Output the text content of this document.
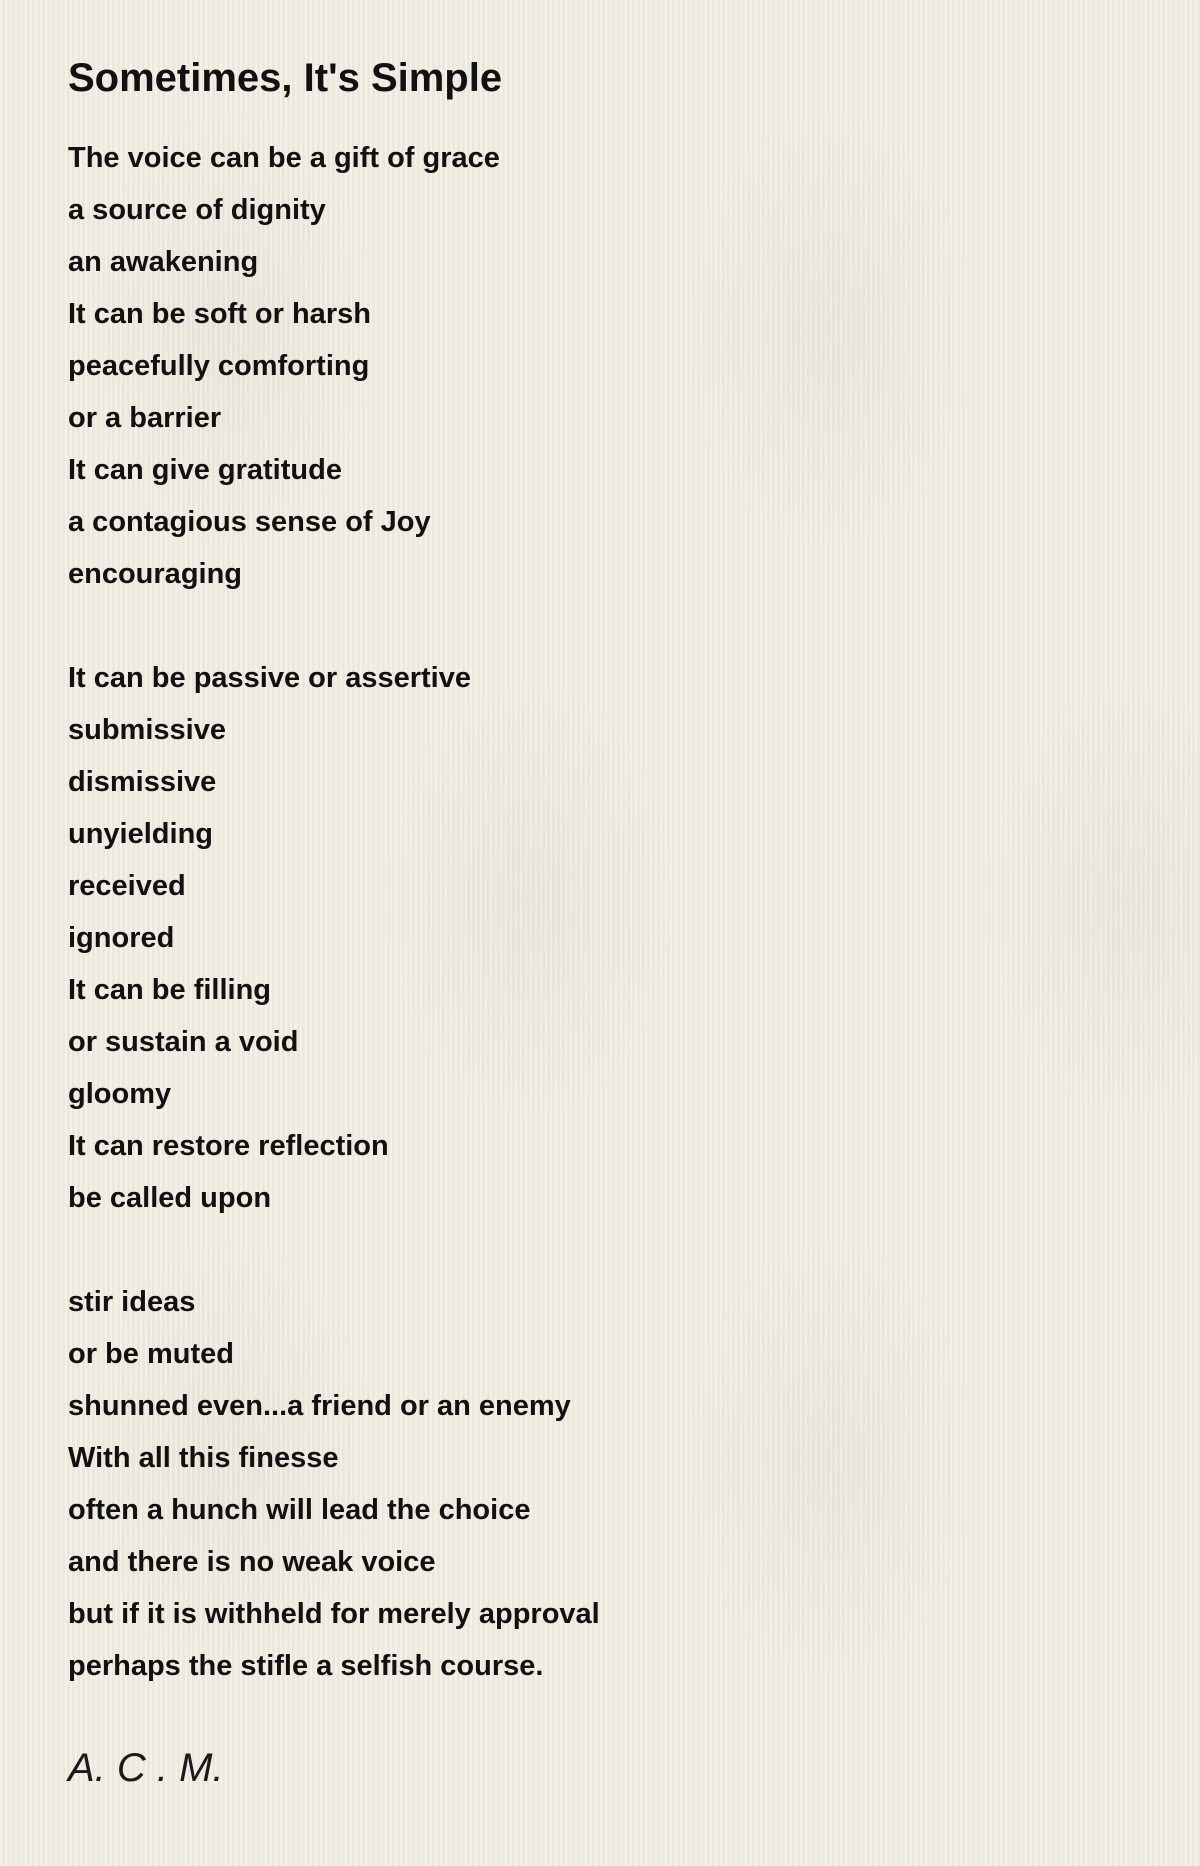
Sometimes, It's Simple
The voice can be a gift of grace
a source of dignity
an awakening
It can be soft or harsh
peacefully comforting
or a barrier
It can give gratitude
a contagious sense of Joy
encouraging
It can be passive or assertive
submissive
dismissive
unyielding
received
ignored
It can be filling
or sustain a void
gloomy
It can restore reflection
be called upon
stir ideas
or be muted
shunned even...a friend or an enemy
With all this finesse
often a hunch will lead the choice
and there is no weak voice
but if it is withheld for merely approval
perhaps the stifle a selfish course.
A. C . M.
